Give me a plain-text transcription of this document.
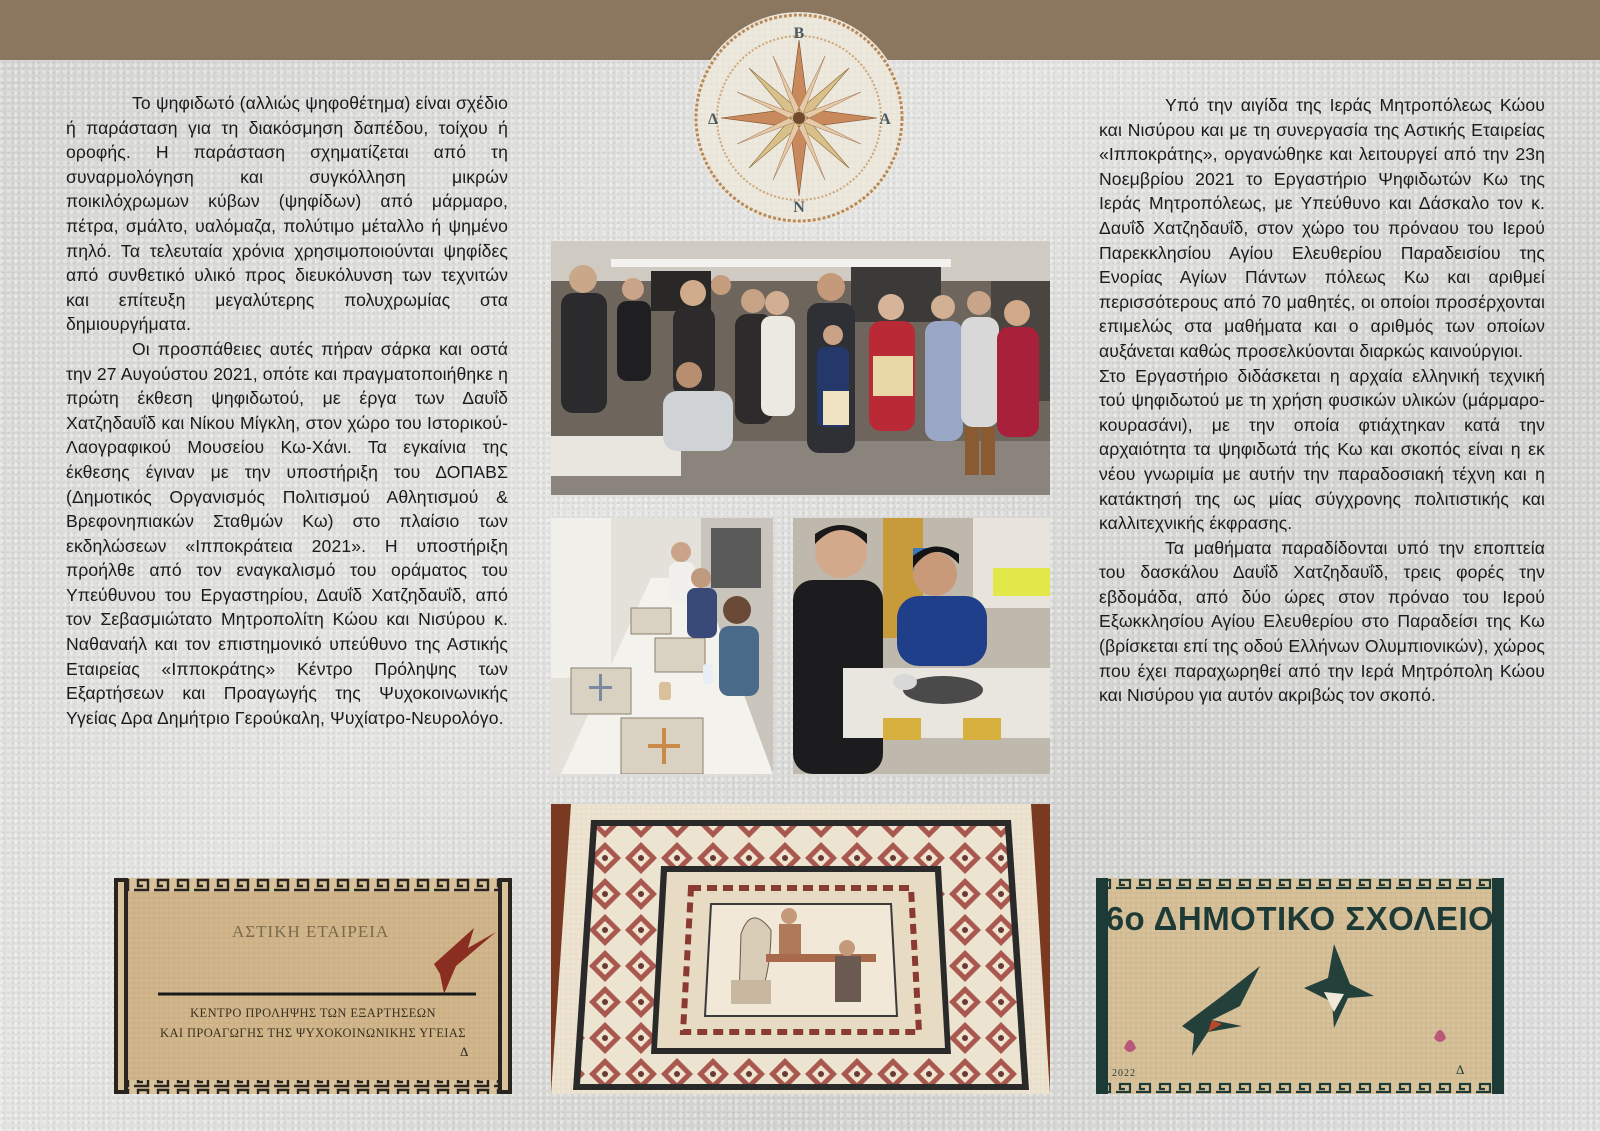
Το ψηφιδωτό (αλλιώς ψηφοθέτημα) είναι σχέδιο ή παράσταση για τη διακόσμηση δαπέδου, τοίχου ή οροφής. Η παράσταση σχηματίζεται από τη συναρμολόγηση και συγκόλληση μικρών ποικιλόχρωμων κύβων (ψηφίδων) από μάρμαρο, πέτρα, σμάλτο, υαλόμαζα, πολύτιμο μέταλλο ή ψημένο πηλό. Τα τελευταία χρόνια χρησιμοποιούνται ψηφίδες από συνθετικό υλικό προς διευκόλυνση των τεχνιτών και επίτευξη μεγαλύτερης πολυχρωμίας στα δημιουργήματα.

Οι προσπάθειες αυτές πήραν σάρκα και οστά την 27 Αυγούστου 2021, οπότε και πραγματοποιήθηκε η πρώτη έκθεση ψηφιδωτού, με έργα των Δαυΐδ Χατζηδαυΐδ και Νίκου Μίγκλη, στον χώρο του Ιστορικού-Λαογραφικού Μουσείου Κω-Χάνι. Τα εγκαίνια της έκθεσης έγιναν με την υποστήριξη του ΔΟΠΑΒΣ (Δημοτικός Οργανισμός Πολιτισμού Αθλητισμού & Βρεφονηπιακών Σταθμών Κω) στο πλαίσιο των εκδηλώσεων «Ιπποκράτεια 2021». Η υποστήριξη προήλθε από τον εναγκαλισμό του οράματος του Υπεύθυνου του Εργαστηρίου, Δαυΐδ Χατζηδαυΐδ, από τον Σεβασμιώτατο Μητροπολίτη Κώου και Νισύρου κ. Ναθαναήλ και τον επιστημονικό υπεύθυνο της Αστικής Εταιρείας «Ιπποκράτης» Κέντρο Πρόληψης των Εξαρτήσεων και Προαγωγής της Ψυχοκοινωνικής Υγείας Δρα Δημήτριο Γερούκαλη, Ψυχίατρο-Νευρολόγο.

Υπό την αιγίδα της Ιεράς Μητροπόλεως Κώου και Νισύρου και με τη συνεργασία της Αστικής Εταιρείας «Ιπποκράτης», οργανώθηκε και λειτουργεί από την 23η Νοεμβρίου 2021 το Εργαστήριο Ψηφιδωτών Κω της Ιεράς Μητροπόλεως, με Υπεύθυνο και Δάσκαλο τον κ. Δαυΐδ Χατζηδαυΐδ, στον χώρο του πρόναου του Ιερού Παρεκκλησίου Αγίου Ελευθερίου Παραδεισίου της Ενορίας Αγίων Πάντων πόλεως Κω και αριθμεί περισσότερους από 70 μαθητές, οι οποίοι προσέρχονται επιμελώς στα μαθήματα και ο αριθμός των οποίων αυξάνεται καθώς προσελκύονται διαρκώς καινούργιοι.

Στο Εργαστήριο διδάσκεται η αρχαία ελληνική τεχνική τού ψηφιδωτού με τη χρήση φυσικών υλικών (μάρμαρο- κουρασάνι), με την οποία φτιάχτηκαν κατά την αρχαιότητα τα ψηφιδωτά τής Κω και σκοπός είναι η εκ νέου γνωριμία με αυτήν την παραδοσιακή τέχνη και η κατάκτησή της ως μίας σύγχρονης πολιτιστικής και καλλιτεχνικής έκφρασης.

Τα μαθήματα παραδίδονται υπό την εποπτεία του δασκάλου Δαυΐδ Χατζηδαυΐδ, τρεις φορές την εβδομάδα, από δύο ώρες στον πρόναο του Ιερού Εξωκκλησίου Αγίου Ελευθερίου στο Παραδείσι της Κω (βρίσκεται επί της οδού Ελλήνων Ολυμπιονικών), χώρος που έχει παραχωρηθεί από την Ιερά Μητρόπολη Κώου και Νισύρου για αυτόν ακριβώς τον σκοπό.

Β
Α
Ν
Δ
ΑΣΤΙΚΗ ΕΤΑΙΡΕΙΑ
ΚΕΝΤΡΟ ΠΡΟΛΗΨΗΣ ΤΩΝ ΕΞΑΡΤΗΣΕΩΝ
ΚΑΙ ΠΡΟΑΓΩΓΗΣ ΤΗΣ ΨΥΧΟΚΟΙΝΩΝΙΚΗΣ ΥΓΕΙΑΣ
Δ
6ο ΔΗΜΟΤΙΚΟ ΣΧΟΛΕΙΟ
2022	Δ
